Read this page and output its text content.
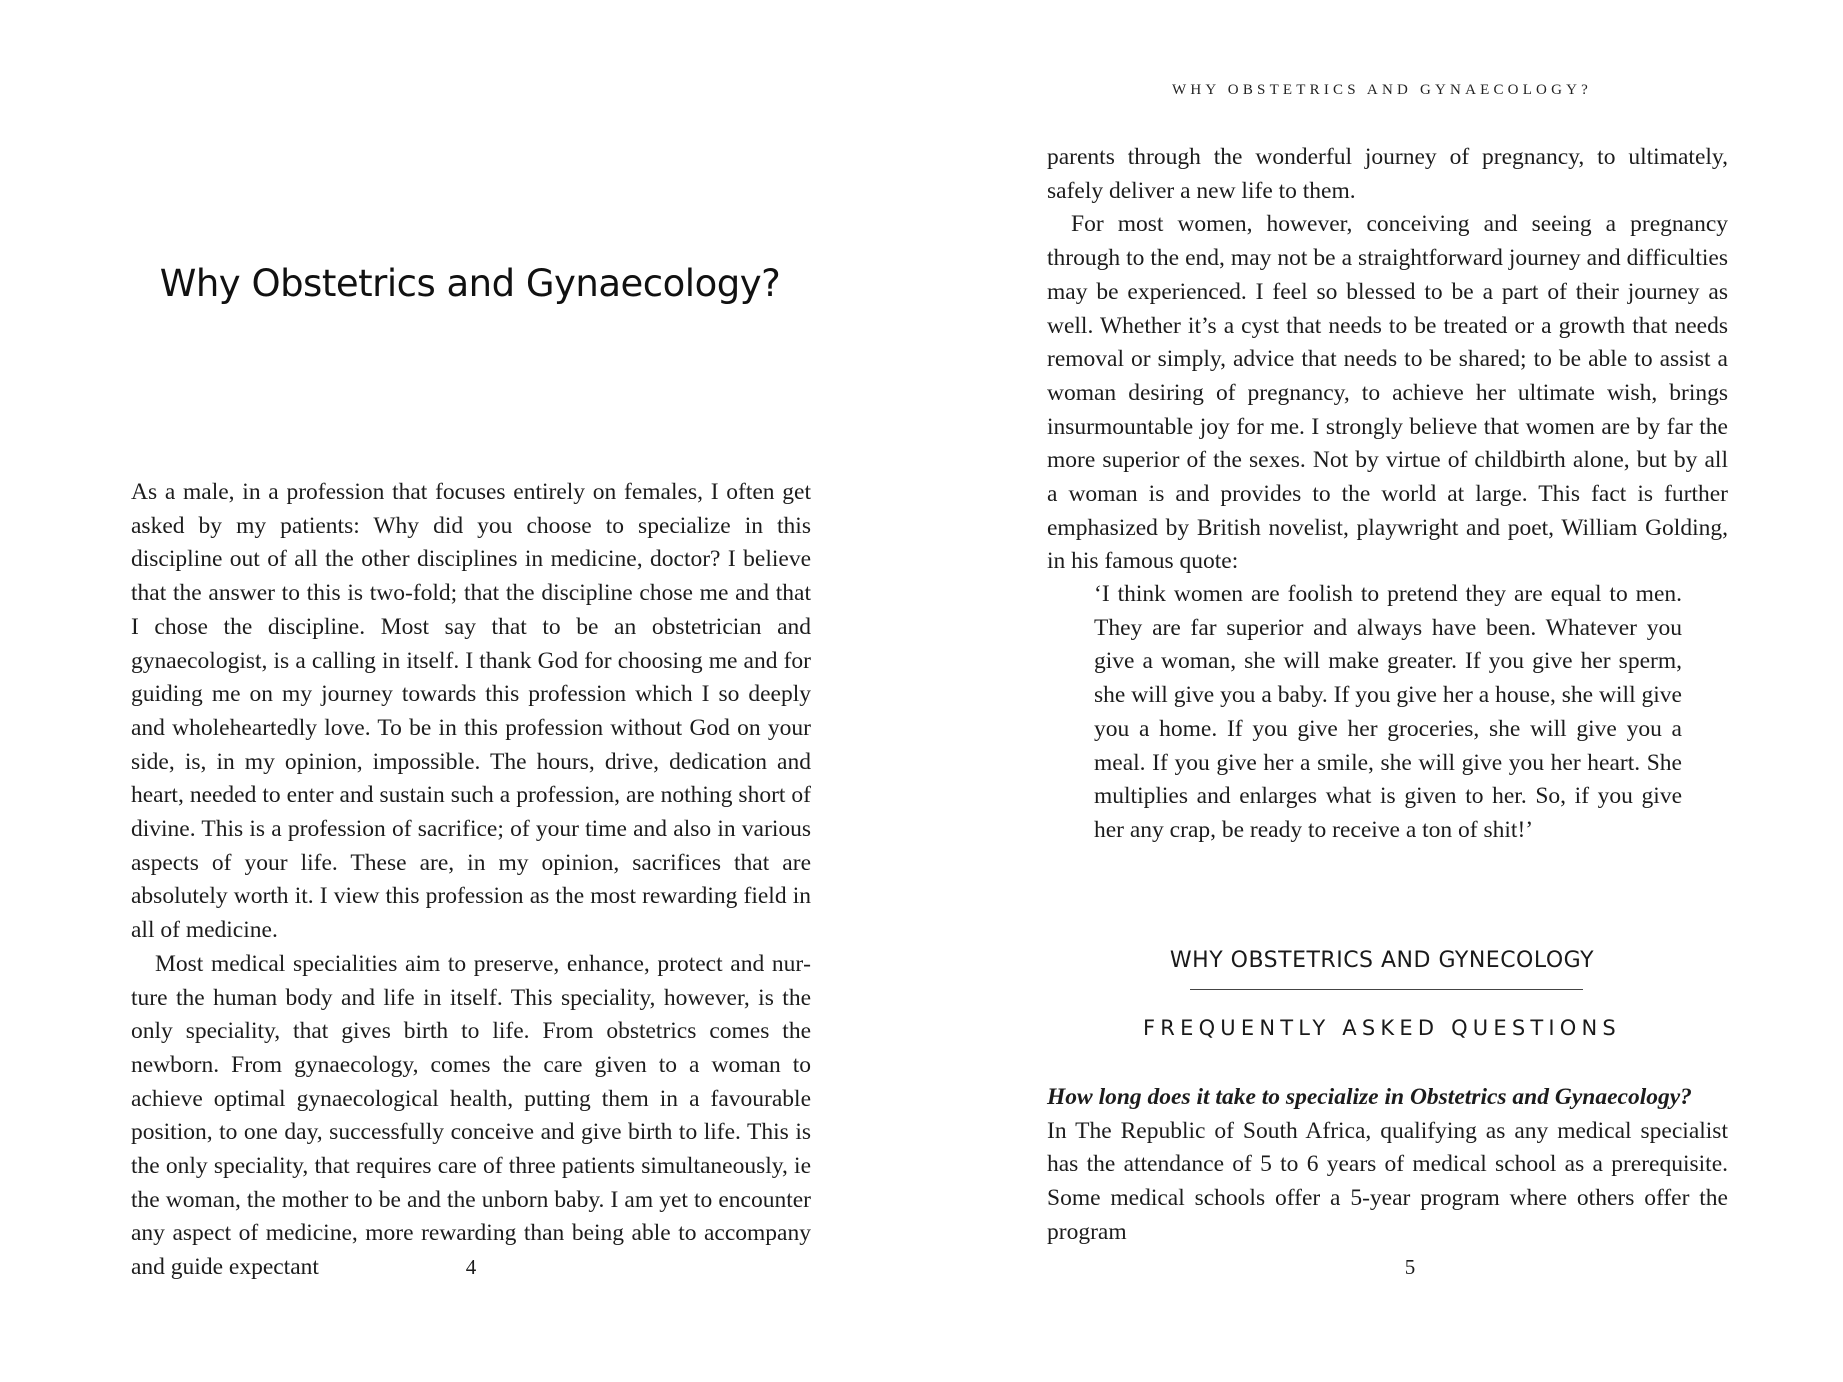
Why Obstetrics and Gynaecology?

As a male, in a profession that focuses entirely on females, I often get asked by my patients: Why did you choose to specialize in this discipline out of all the other disciplines in medicine, doctor? I believe that the answer to this is two-fold; that the discipline chose me and that I chose the discipline. Most say that to be an obstetrician and gynaecologist, is a calling in itself. I thank God for choosing me and for guiding me on my journey towards this profession which I so deeply and wholeheartedly love. To be in this profession without God on your side, is, in my opinion, impossible. The hours, drive, dedication and heart, needed to enter and sustain such a profession, are nothing short of divine. This is a profession of sacrifice; of your time and also in various aspects of your life. These are, in my opinion, sacrifices that are absolutely worth it. I view this profession as the most rewarding field in all of medicine.

Most medical specialities aim to preserve, enhance, protect and nurture the human body and life in itself. This speciality, however, is the only speciality, that gives birth to life. From obstetrics comes the newborn. From gynaecology, comes the care given to a woman to achieve optimal gynaecological health, putting them in a favourable position, to one day, successfully conceive and give birth to life. This is the only speciality, that requires care of three patients simultaneously, ie the woman, the mother to be and the unborn baby. I am yet to encounter any aspect of medicine, more rewarding than being able to accompany and guide expectant	4

WHY OBSTETRICS AND GYNAECOLOGY?

parents through the wonderful journey of pregnancy, to ultimately, safely deliver a new life to them.

For most women, however, conceiving and seeing a pregnancy through to the end, may not be a straightforward journey and difficulties may be experienced. I feel so blessed to be a part of their journey as well. Whether it’s a cyst that needs to be treated or a growth that needs removal or simply, advice that needs to be shared; to be able to assist a woman desiring of pregnancy, to achieve her ultimate wish, brings insurmountable joy for me. I strongly believe that women are by far the more superior of the sexes. Not by virtue of childbirth alone, but by all a woman is and provides to the world at large. This fact is further emphasized by British novelist, playwright and poet, William Golding, in his famous quote:

‘I think women are foolish to pretend they are equal to men. They are far superior and always have been. Whatever you give a woman, she will make greater. If you give her sperm, she will give you a baby. If you give her a house, she will give you a home. If you give her groceries, she will give you a meal. If you give her a smile, she will give you her heart. She multiplies and enlarges what is given to her. So, if you give her any crap, be ready to receive a ton of shit!’

WHY OBSTETRICS AND GYNECOLOGY

FREQUENTLY ASKED QUESTIONS

How long does it take to specialize in Obstetrics and Gynaecology?

In The Republic of South Africa, qualifying as any medical specialist has the attendance of 5 to 6 years of medical school as a prerequisite. Some medical schools offer a 5-year program where others offer the program

5
